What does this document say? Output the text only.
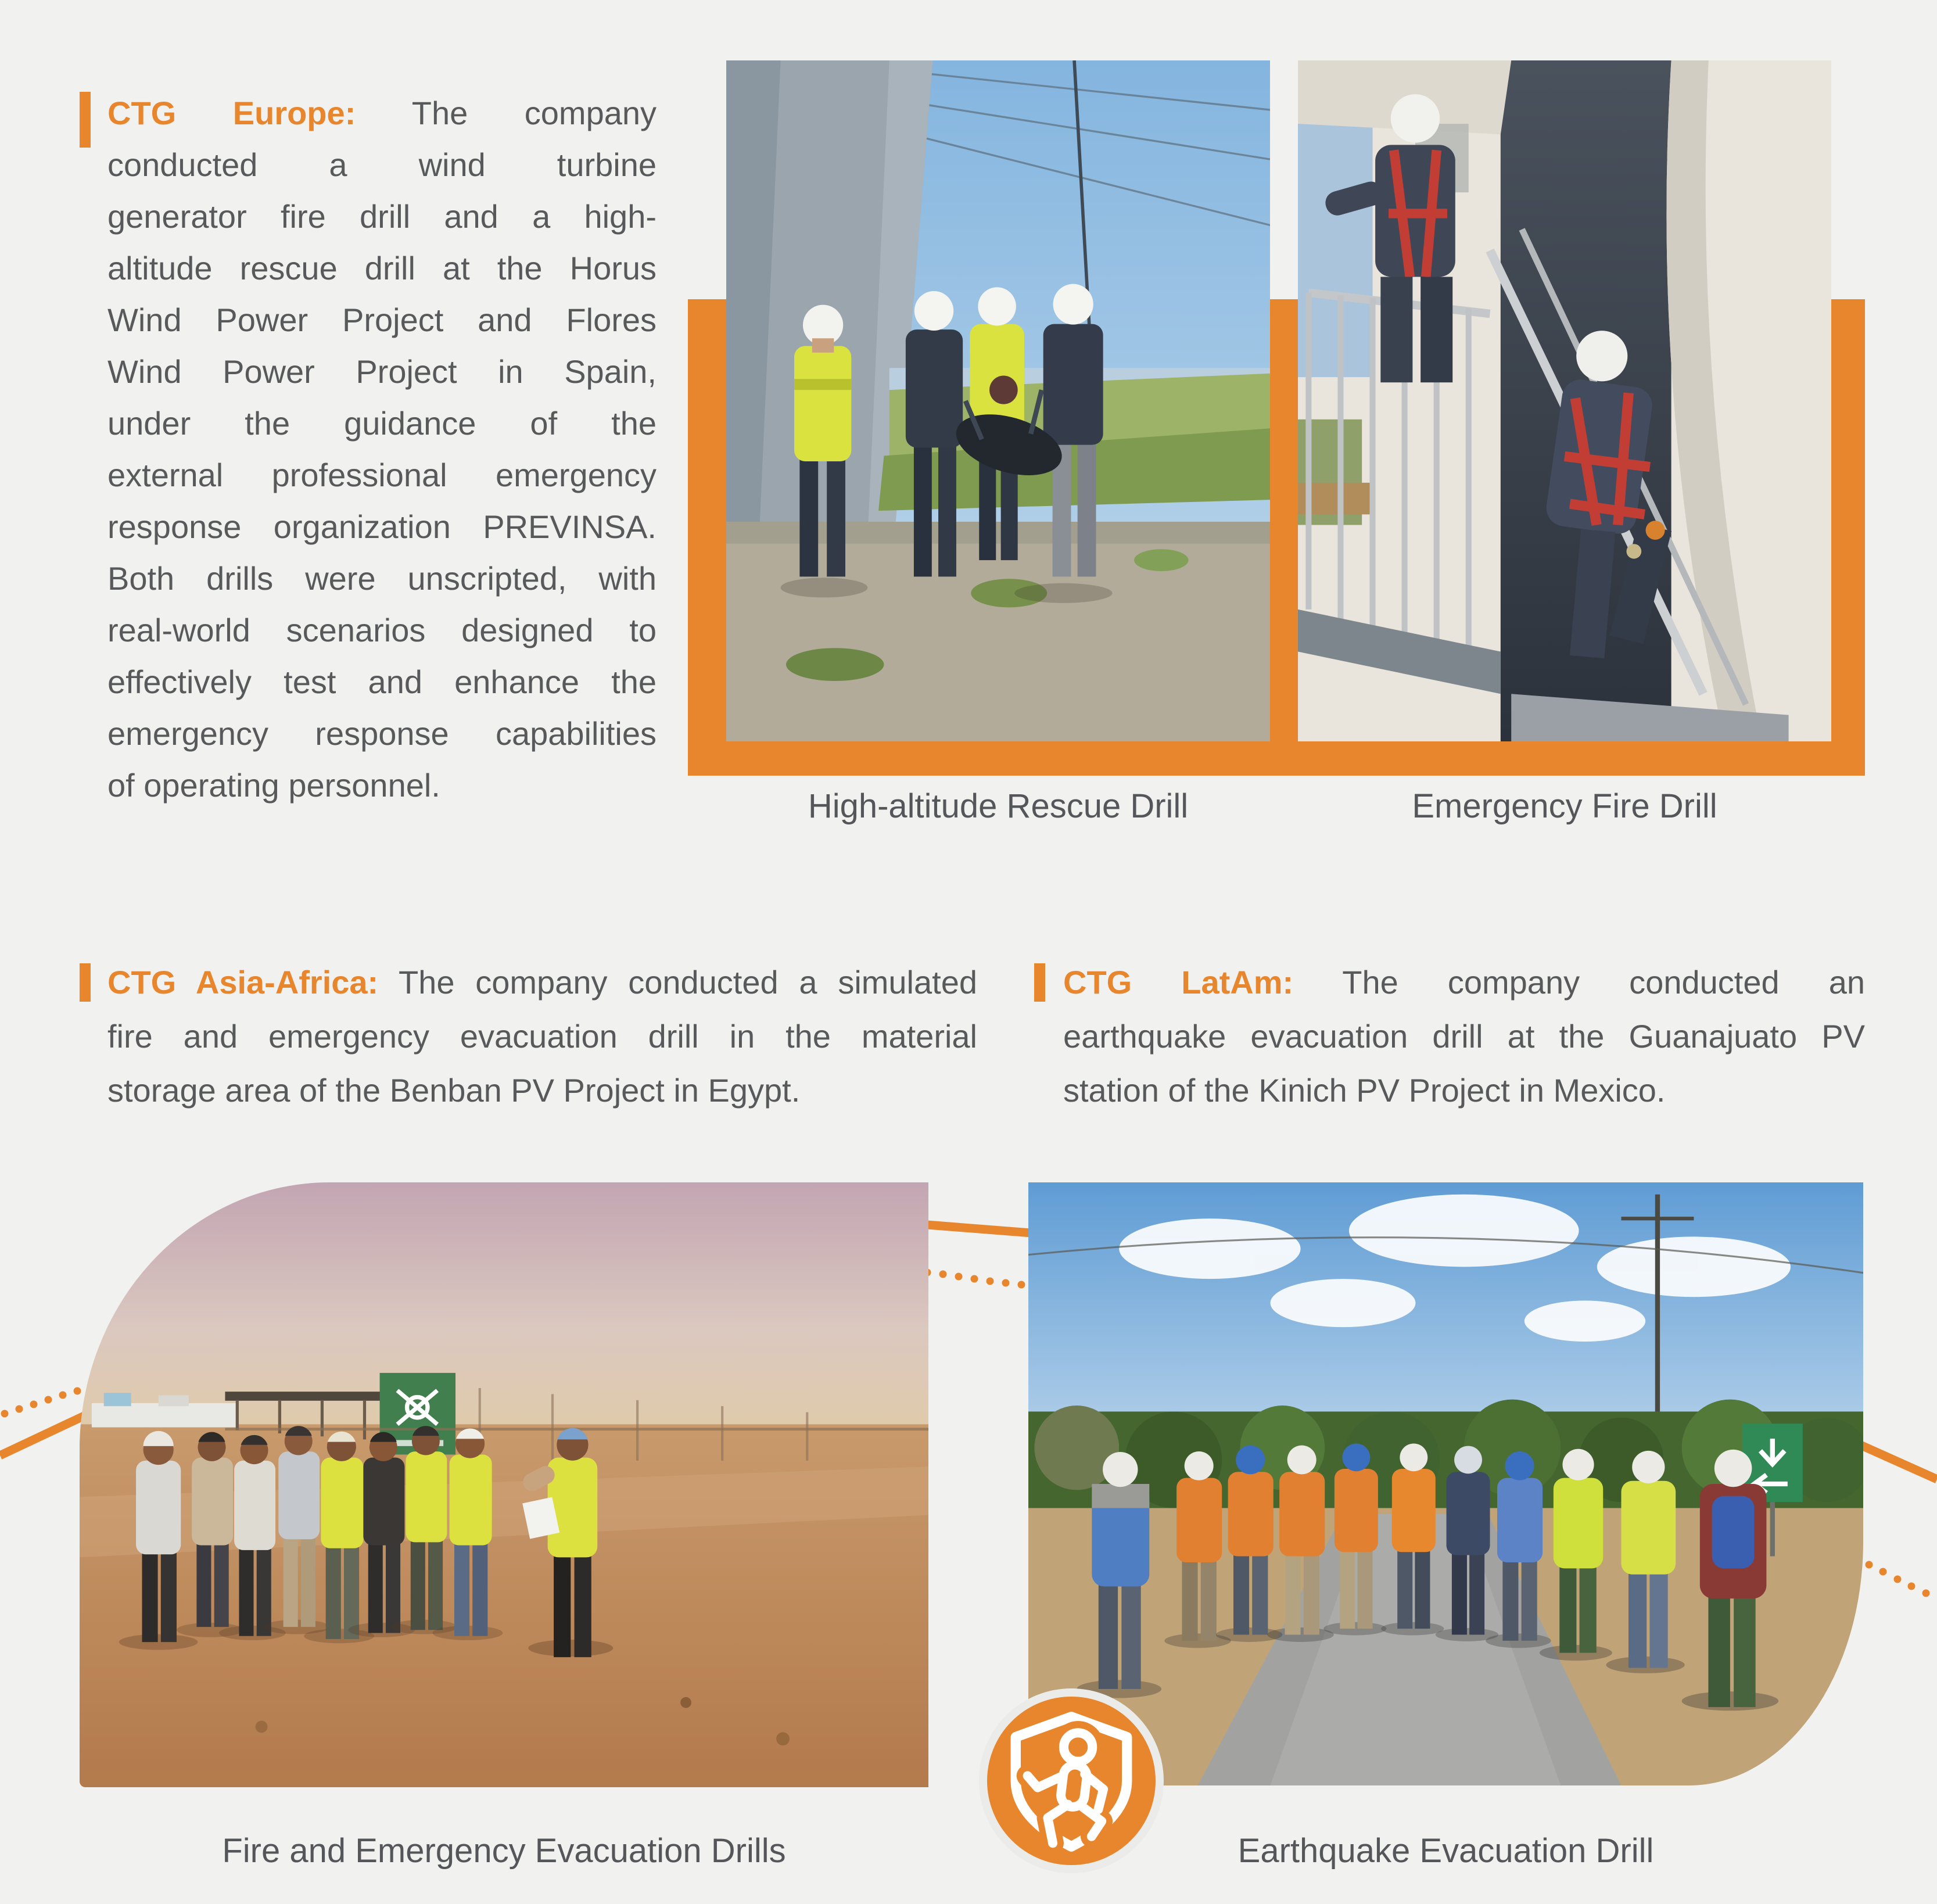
CTG Europe: The company
conducted a wind turbine
generator fire drill and a high-
altitude rescue drill at the Horus
Wind Power Project and Flores
Wind Power Project in Spain,
under the guidance of the
external professional emergency
response organization PREVINSA.
Both drills were unscripted, with
real-world scenarios designed to
effectively test and enhance the
emergency response capabilities
of operating personnel.
High-altitude Rescue Drill	Emergency Fire Drill
CTG Asia-Africa: The company conducted a simulated
fire and emergency evacuation drill in the material
storage area of the Benban PV Project in Egypt.
CTG LatAm: The company conducted an
earthquake evacuation drill at the Guanajuato PV
station of the Kinich PV Project in Mexico.
Fire and Emergency Evacuation Drills	Earthquake Evacuation Drill
